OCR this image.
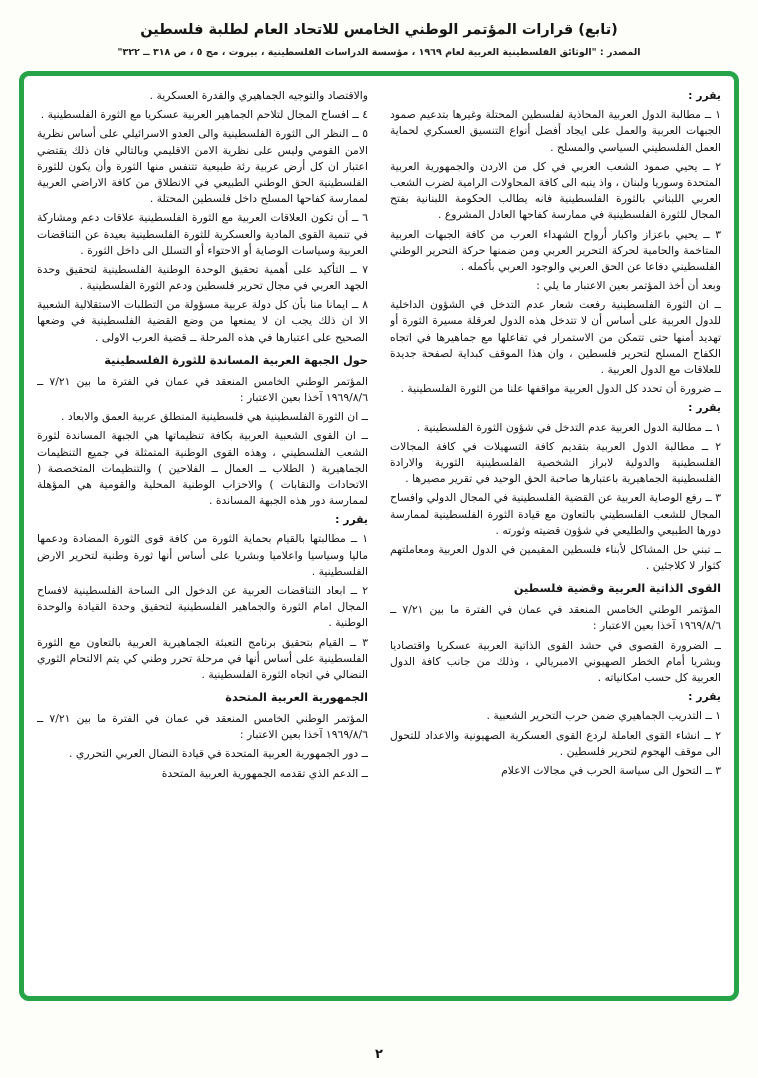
(تابع) قرارات المؤتمر الوطني الخامس للاتحاد العام لطلبة فلسطين
المصدر : "الوثائق الفلسطينية العربية لعام ١٩٦٩ ، مؤسسة الدراسات الفلسطينية ، بيروت ، مج ٥ ، ص ٣١٨ ــ ٣٢٢"

يقرر :

١ ــ مطالبة الدول العربية المحاذية لفلسطين المحتلة وغيرها بتدعيم صمود الجبهات العربية والعمل على ايجاد أفضل أنواع التنسيق العسكري لحماية العمل الفلسطيني السياسي والمسلح .

٢ ــ يحيي صمود الشعب العربي في كل من الاردن والجمهورية العربية المتحدة وسوريا ولبنان ، واذ ينبه الى كافة المحاولات الرامية لضرب الشعب العربي اللبناني بالثورة الفلسطينية فانه يطالب الحكومة اللبنانية بفتح المجال للثورة الفلسطينية في ممارسة كفاحها العادل المشروع .

٣ ــ يحيي باعزاز واكبار أرواح الشهداء العرب من كافة الجبهات العربية المتاخمة والحامية لحركة التحرير العربي ومن ضمنها حركة التحرير الوطني الفلسطيني دفاعا عن الحق العربي والوجود العربي بأكمله .

وبعد أن أخذ المؤتمر بعين الاعتبار ما يلي :

ــ ان الثورة الفلسطينية رفعت شعار عدم التدخل في الشؤون الداخلية للدول العربية على أساس أن لا تتدخل هذه الدول لعرقلة مسيرة الثورة أو تهديد أمنها حتى تتمكن من الاستمرار في تفاعلها مع جماهيرها في اتجاه الكفاح المسلح لتحرير فلسطين ، وان هذا الموقف كبداية لصفحة جديدة للعلاقات مع الدول العربية .

ــ ضرورة أن تحدد كل الدول العربية مواقفها علنا من الثورة الفلسطينية .

يقرر :

١ ــ مطالبة الدول العربية عدم التدخل في شؤون الثورة الفلسطينية .

٢ ــ مطالبة الدول العربية بتقديم كافة التسهيلات في كافة المجالات الفلسطينية والدولية لابراز الشخصية الفلسطينية الثورية والارادة الفلسطينية الجماهيرية باعتبارها صاحبة الحق الوحيد في تقرير مصيرها .

٣ ــ رفع الوصاية العربية عن القضية الفلسطينية في المجال الدولي وافساح المجال للشعب الفلسطيني بالتعاون مع قيادة الثورة الفلسطينية لممارسة دورها الطبيعي والطليعي في شؤون قضيته وثورته .

ــ تبني حل المشاكل لأبناء فلسطين المقيمين في الدول العربية ومعاملتهم كثوار لا كلاجئين .

القوى الذاتية العربية وقضية فلسطين

المؤتمر الوطني الخامس المنعقد في عمان في الفترة ما بين ٧/٢١ ــ ١٩٦٩/٨/٦ آخذا بعين الاعتبار :

ــ الضرورة القصوى في حشد القوى الذاتية العربية عسكريا واقتصاديا وبشريا أمام الخطر الصهيوني الامبريالي ، وذلك من جانب كافة الدول العربية كل حسب امكانياته .

يقرر :

١ ــ التدريب الجماهيري ضمن حرب التحرير الشعبية .

٢ ــ انشاء القوى العاملة لردع القوى العسكرية الصهيونية والاعداد للتحول الى موقف الهجوم لتحرير فلسطين .

٣ ــ التحول الى سياسة الحرب في مجالات الاعلام

والاقتصاد والتوجيه الجماهيري والقدرة العسكرية .

٤ ــ افساح المجال لتلاحم الجماهير العربية عسكريا مع الثورة الفلسطينية .

٥ ــ النظر الى الثورة الفلسطينية والى العدو الاسرائيلي على أساس نظرية الامن القومي وليس على نظرية الامن الاقليمي وبالتالي فان ذلك يقتضي اعتبار ان كل أرض عربية رئة طبيعية تتنفس منها الثورة وأن يكون للثورة الفلسطينية الحق الوطني الطبيعي في الانطلاق من كافة الاراضي العربية لممارسة كفاحها المسلح داخل فلسطين المحتلة .

٦ ــ أن تكون العلاقات العربية مع الثورة الفلسطينية علاقات دعم ومشاركة في تنمية القوى المادية والعسكرية للثورة الفلسطينية بعيدة عن التناقضات العربية وسياسات الوصاية أو الاحتواء أو التسلل الى داخل الثورة .

٧ ــ التأكيد على أهمية تحقيق الوحدة الوطنية الفلسطينية لتحقيق وحدة الجهد العربي في مجال تحرير فلسطين ودعم الثورة الفلسطينية .

٨ ــ ايمانا منا بأن كل دولة عربية مسؤولة من التطلبات الاستقلالية الشعبية الا ان ذلك يجب ان لا يمنعها من وضع القضية الفلسطينية في وضعها الصحيح على اعتبارها في هذه المرحلة ــ قضية العرب الاولى .

حول الجبهة العربية المساندة للثورة الفلسطينية

المؤتمر الوطني الخامس المنعقد في عمان في الفترة ما بين ٧/٢١ ــ ١٩٦٩/٨/٦ آخذا بعين الاعتبار :

ــ ان الثورة الفلسطينية هي فلسطينية المنطلق عربية العمق والابعاد .

ــ ان القوى الشعبية العربية بكافة تنظيماتها هي الجبهة المساندة لثورة الشعب الفلسطيني ، وهذه القوى الوطنية المتمثلة في جميع التنظيمات الجماهيرية ( الطلاب ــ العمال ــ الفلاحين ) والتنظيمات المتخصصة ( الاتحادات والنقابات ) والاحزاب الوطنية المحلية والقومية هي المؤهلة لممارسة دور هذه الجبهة المساندة .

يقرر :

١ ــ مطالبتها بالقيام بحماية الثورة من كافة قوى الثورة المضادة ودعمها ماليا وسياسيا واعلاميا وبشريا على أساس أنها ثورة وطنية لتحرير الارض الفلسطينية .

٢ ــ ابعاد التناقضات العربية عن الدخول الى الساحة الفلسطينية لافساح المجال امام الثورة والجماهير الفلسطينية لتحقيق وحدة القيادة والوحدة الوطنية .

٣ ــ القيام بتحقيق برنامج التعبئة الجماهيرية العربية بالتعاون مع الثورة الفلسطينية على أساس أنها في مرحلة تحرر وطني كي يتم الالتحام الثوري النضالي في اتجاه الثورة الفلسطينية .

الجمهورية العربية المتحدة

المؤتمر الوطني الخامس المنعقد في عمان في الفترة ما بين ٧/٢١ ــ ١٩٦٩/٨/٦ آخذا بعين الاعتبار :

ــ دور الجمهورية العربية المتحدة في قيادة النضال العربي التحرري .

ــ الدعم الذي تقدمه الجمهورية العربية المتحدة

٢
